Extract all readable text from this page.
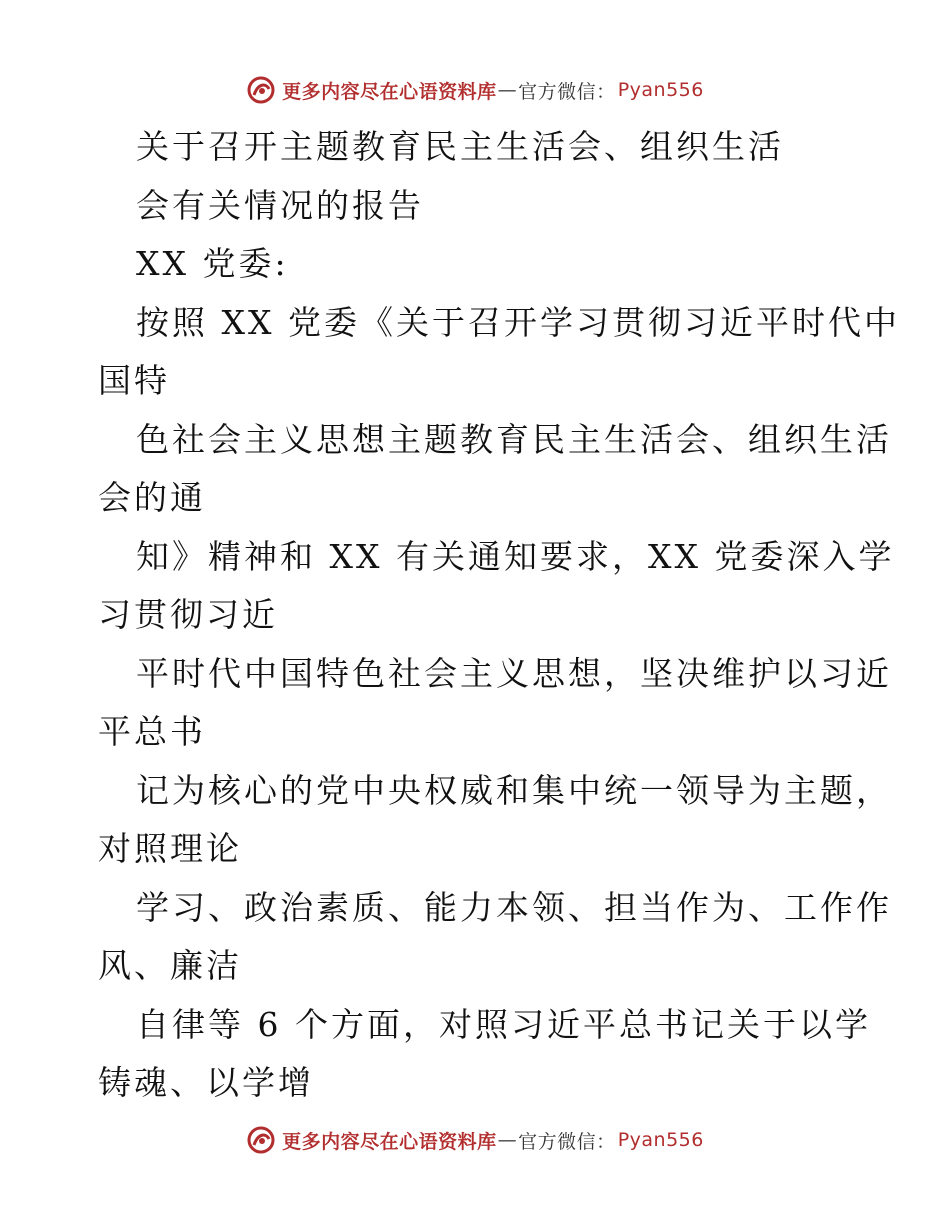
更多内容尽在心语资料库 — 官方微信： Pyan556
关于召开主题教育民主生活会、组织生活
会有关情况的报告
XX 党委:
按照 XX 党委《关于召开学习贯彻习近平时代中
国特
色社会主义思想主题教育民主生活会、组织生活
会的通
知》精神和 XX 有关通知要求，XX 党委深入学
习贯彻习近
平时代中国特色社会主义思想，坚决维护以习近
平总书
记为核心的党中央权威和集中统一领导为主题，
对照理论
学习、政治素质、能力本领、担当作为、工作作
风、廉洁
自律等 6 个方面，对照习近平总书记关于以学
铸魂、以学增
更多内容尽在心语资料库 — 官方微信： Pyan556
